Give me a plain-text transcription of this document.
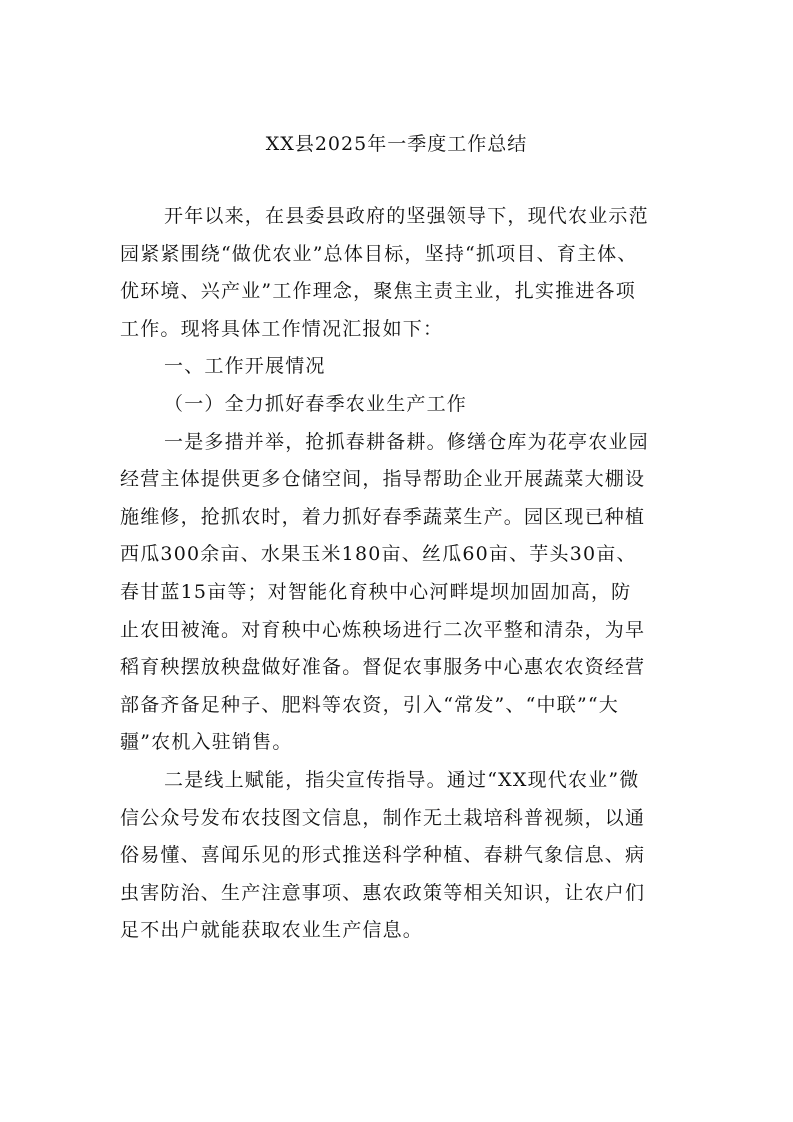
XX县2025年一季度工作总结
开年以来，在县委县政府的坚强领导下，现代农业示范
园紧紧围绕“做优农业”总体目标，坚持“抓项目、育主体、
优环境、兴产业”工作理念，聚焦主责主业，扎实推进各项
工作。现将具体工作情况汇报如下：
一、工作开展情况
（一）全力抓好春季农业生产工作
一是多措并举，抢抓春耕备耕。修缮仓库为花亭农业园
经营主体提供更多仓储空间，指导帮助企业开展蔬菜大棚设
施维修，抢抓农时，着力抓好春季蔬菜生产。园区现已种植
西瓜300余亩、水果玉米180亩、丝瓜60亩、芋头30亩、
春甘蓝15亩等；对智能化育秧中心河畔堤坝加固加高，防
止农田被淹。对育秧中心炼秧场进行二次平整和清杂，为早
稻育秧摆放秧盘做好准备。督促农事服务中心惠农农资经营
部备齐备足种子、肥料等农资，引入“常发”、“中联”“大
疆”农机入驻销售。
二是线上赋能，指尖宣传指导。通过“XX现代农业”微
信公众号发布农技图文信息，制作无土栽培科普视频，以通
俗易懂、喜闻乐见的形式推送科学种植、春耕气象信息、病
虫害防治、生产注意事项、惠农政策等相关知识，让农户们
足不出户就能获取农业生产信息。
